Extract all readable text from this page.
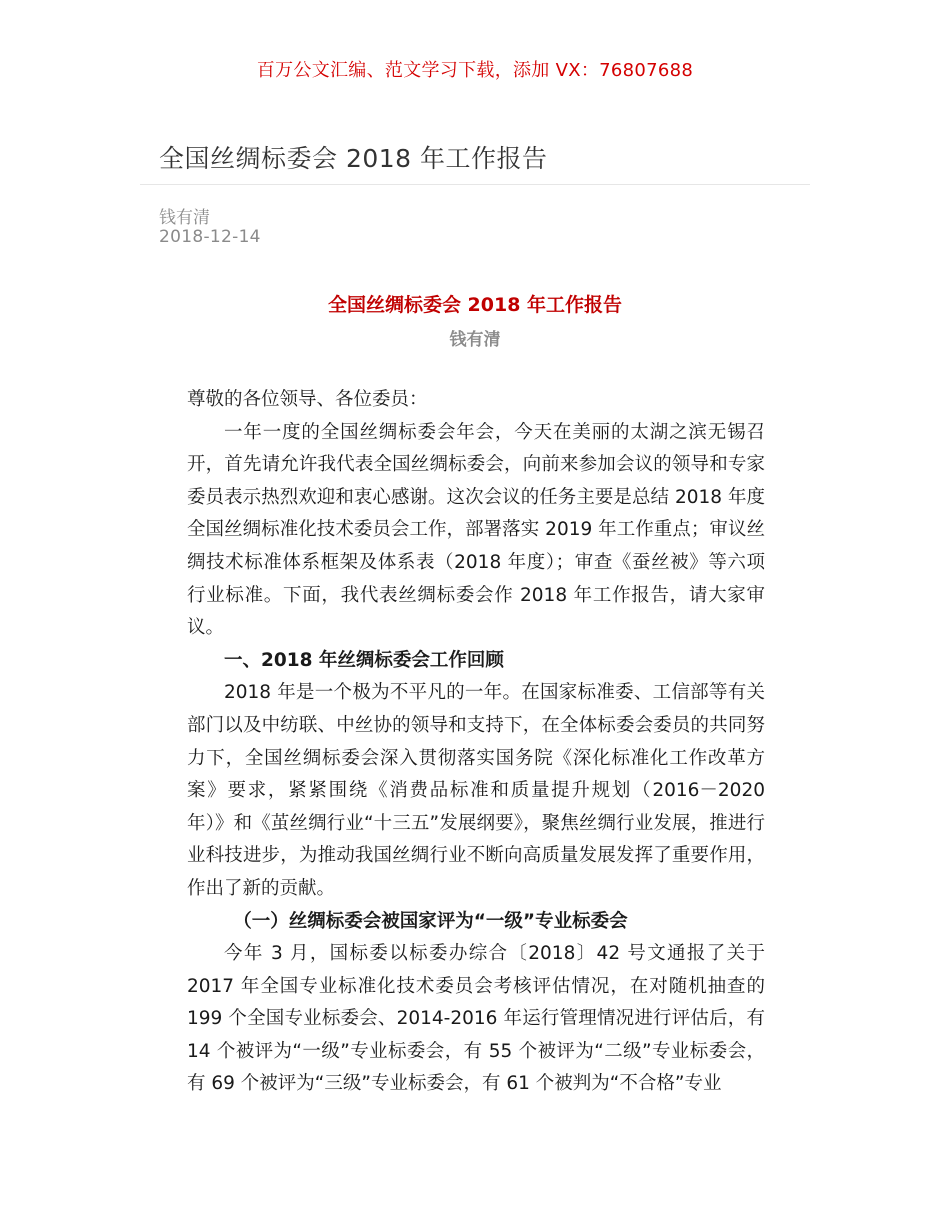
百万公文汇编、范文学习下载，添加 VX：76807688
全国丝绸标委会 2018 年工作报告
钱有清
2018-12-14
全国丝绸标委会 2018 年工作报告
钱有清

尊敬的各位领导、各位委员：

一年一度的全国丝绸标委会年会，今天在美丽的太湖之滨无锡召开，首先请允许我代表全国丝绸标委会，向前来参加会议的领导和专家委员表示热烈欢迎和衷心感谢。这次会议的任务主要是总结 2018 年度全国丝绸标准化技术委员会工作，部署落实 2019 年工作重点；审议丝绸技术标准体系框架及体系表（2018 年度）；审查《蚕丝被》等六项行业标准。下面，我代表丝绸标委会作 2018 年工作报告，请大家审议。

一、2018 年丝绸标委会工作回顾

2018 年是一个极为不平凡的一年。在国家标准委、工信部等有关部门以及中纺联、中丝协的领导和支持下，在全体标委会委员的共同努力下，全国丝绸标委会深入贯彻落实国务院《深化标准化工作改革方案》要求，紧紧围绕《消费品标准和质量提升规划（2016－2020 年）》和《茧丝绸行业“十三五”发展纲要》，聚焦丝绸行业发展，推进行业科技进步，为推动我国丝绸行业不断向高质量发展发挥了重要作用，作出了新的贡献。

（一）丝绸标委会被国家评为“一级”专业标委会

今年 3 月，国标委以标委办综合〔2018〕42 号文通报了关于 2017 年全国专业标准化技术委员会考核评估情况，在对随机抽查的 199 个全国专业标委会、2014-2016 年运行管理情况进行评估后，有 14 个被评为“一级”专业标委会，有 55 个被评为“二级”专业标委会，有 69 个被评为“三级”专业标委会，有 61 个被判为“不合格”专业
